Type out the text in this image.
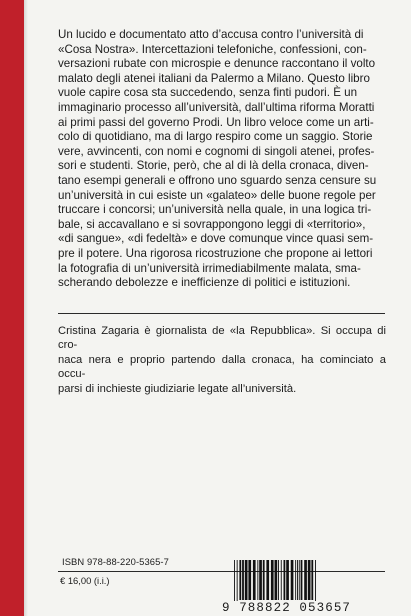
Un lucido e documentato atto d’accusa contro l’università di
«Cosa Nostra». Intercettazioni telefoniche, confessioni, con-
versazioni rubate con microspie e denunce raccontano il volto
malato degli atenei italiani da Palermo a Milano. Questo libro
vuole capire cosa sta succedendo, senza finti pudori. È un
immaginario processo all’università, dall’ultima riforma Moratti
ai primi passi del governo Prodi. Un libro veloce come un arti-
colo di quotidiano, ma di largo respiro come un saggio. Storie
vere, avvincenti, con nomi e cognomi di singoli atenei, profes-
sori e studenti. Storie, però, che al di là della cronaca, diven-
tano esempi generali e offrono uno sguardo senza censure su
un’università in cui esiste un «galateo» delle buone regole per
truccare i concorsi; un’università nella quale, in una logica tri-
bale, si accavallano e si sovrappongono leggi di «territorio»,
«di sangue», «di fedeltà» e dove comunque vince quasi sem-
pre il potere. Una rigorosa ricostruzione che propone ai lettori
la fotografia di un’università irrimediabilmente malata, sma-
scherando debolezze e inefficienze di politici e istituzioni.
Cristina Zagaria è giornalista de «la Repubblica». Si occupa di cro-
naca nera e proprio partendo dalla cronaca, ha cominciato a occu-
parsi di inchieste giudiziarie legate all’università.
ISBN 978-88-220-5365-7
€ 16,00 (i.i.)
9 788822 053657
